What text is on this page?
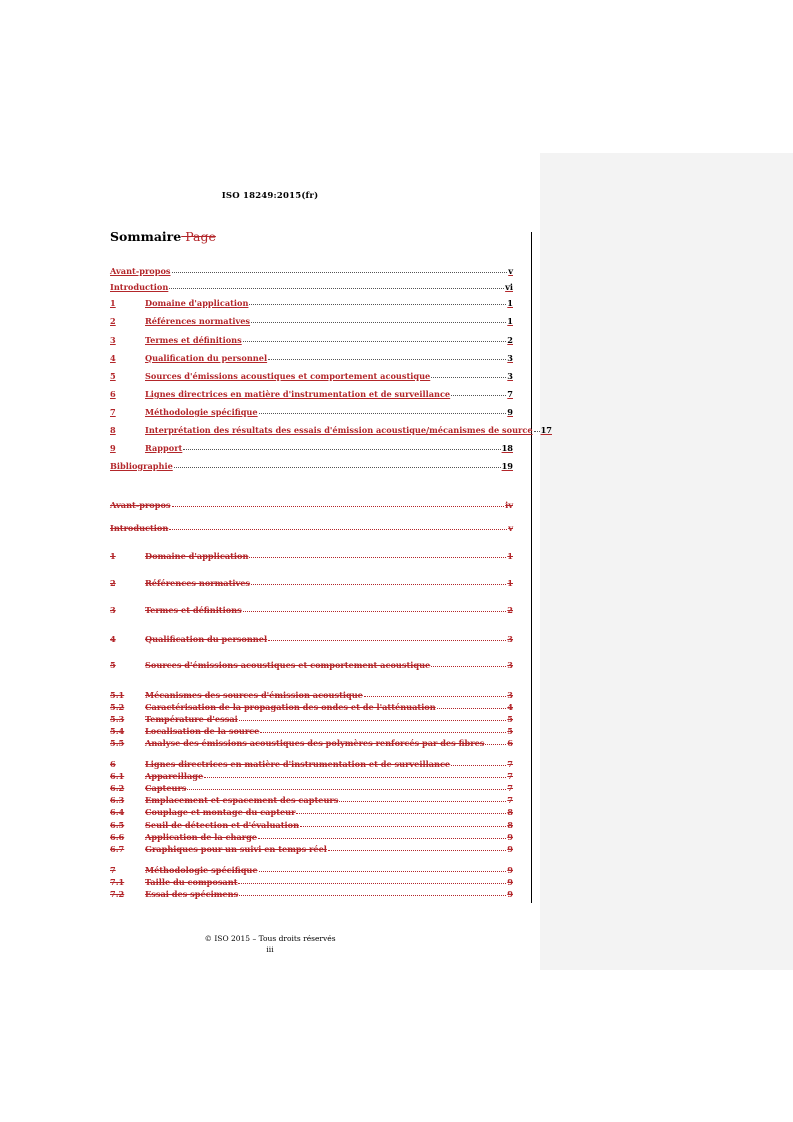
ISO 18249:2015(fr)
Sommaire Page
Avant-propos	v
Introduction	vi
1	Domaine d'application	1
2	Références normatives	1
3	Termes et définitions	2
4	Qualification du personnel	3
5	Sources d'émissions acoustiques et comportement acoustique	3
6	Lignes directrices en matière d'instrumentation et de surveillance	7
7	Méthodologie spécifique	9
8	Interprétation des résultats des essais d'émission acoustique/mécanismes de source 17
9	Rapport	18
Bibliographie	19
Avant-propos	iv
Introduction	v
1	Domaine d'application	1
2	Références normatives	1
3	Termes et définitions	2
4	Qualification du personnel	3
5	Sources d'émissions acoustiques et comportement acoustique	3
5.1	Mécanismes des sources d'émission acoustique	3
5.2	Caractérisation de la propagation des ondes et de l'atténuation	4
5.3	Température d'essai	5
5.4	Localisation de la source	5
5.5	Analyse des émissions acoustiques des polymères renforcés par des fibres	6
6	Lignes directrices en matière d'instrumentation et de surveillance	7
6.1	Appareillage	7
6.2	Capteurs	7
6.3	Emplacement et espacement des capteurs	7
6.4	Couplage et montage du capteur	8
6.5	Seuil de détection et d'évaluation	8
6.6	Application de la charge	9
6.7	Graphiques pour un suivi en temps réel	9
7	Méthodologie spécifique	9
7.1	Taille du composant	9
7.2	Essai des spécimens	9
© ISO 2015 – Tous droits réservés
iii
